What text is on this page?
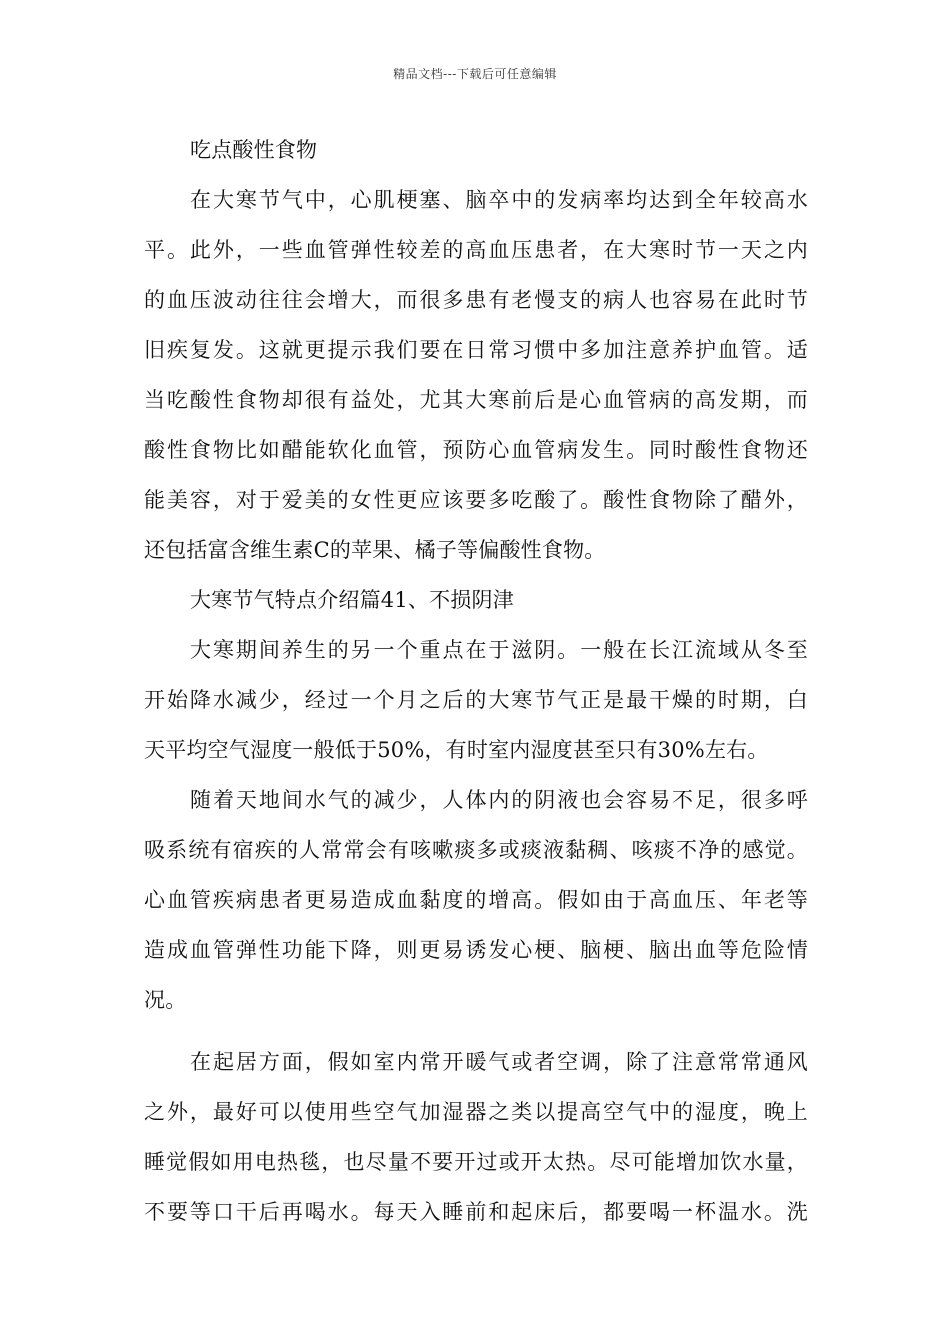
精品文档---下载后可任意编辑
吃点酸性食物
在大寒节气中，心肌梗塞、脑卒中的发病率均达到全年较高水
平。此外，一些血管弹性较差的高血压患者，在大寒时节一天之内
的血压波动往往会增大，而很多患有老慢支的病人也容易在此时节
旧疾复发。这就更提示我们要在日常习惯中多加注意养护血管。适
当吃酸性食物却很有益处，尤其大寒前后是心血管病的高发期，而
酸性食物比如醋能软化血管，预防心血管病发生。同时酸性食物还
能美容，对于爱美的女性更应该要多吃酸了。酸性食物除了醋外，
还包括富含维生素C的苹果、橘子等偏酸性食物。
大寒节气特点介绍篇41、不损阴津
大寒期间养生的另一个重点在于滋阴。一般在长江流域从冬至
开始降水减少，经过一个月之后的大寒节气正是最干燥的时期，白
天平均空气湿度一般低于50%，有时室内湿度甚至只有30%左右。
随着天地间水气的减少，人体内的阴液也会容易不足，很多呼
吸系统有宿疾的人常常会有咳嗽痰多或痰液黏稠、咳痰不净的感觉。
心血管疾病患者更易造成血黏度的增高。假如由于高血压、年老等
造成血管弹性功能下降，则更易诱发心梗、脑梗、脑出血等危险情
况。
在起居方面，假如室内常开暖气或者空调，除了注意常常通风
之外，最好可以使用些空气加湿器之类以提高空气中的湿度，晚上
睡觉假如用电热毯，也尽量不要开过或开太热。尽可能增加饮水量，
不要等口干后再喝水。每天入睡前和起床后，都要喝一杯温水。洗
